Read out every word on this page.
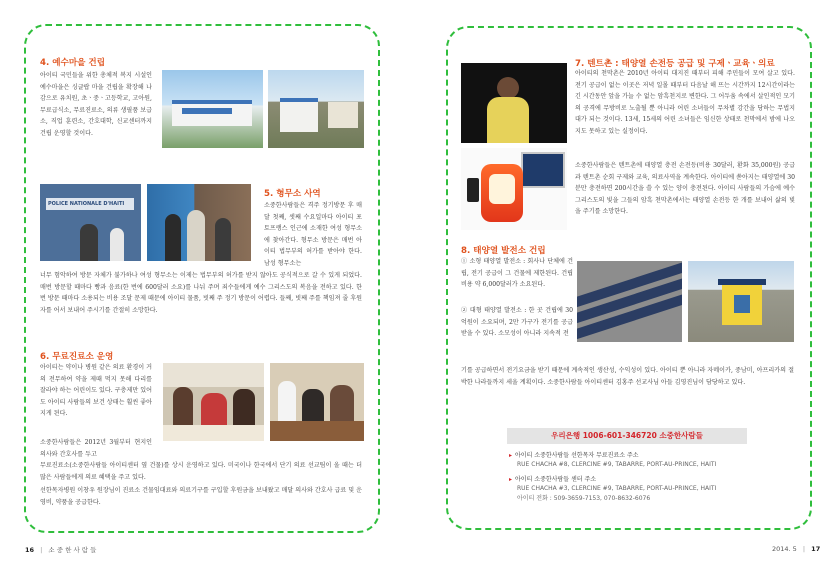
4. 예수마을 건립

아이티 국민들을 위한 총체적 복지 시설인 예수마을은 싱글랍 마을 건립을 확장해 나감으로 유치원, 초ㆍ중ㆍ고등학교, 고아원, 무료급식소, 무료진료소, 의류 생필품 보급소, 직업 훈련소, 간호대학, 신교센터까지 건립 운영할 것이다.

POLICE NATIONALE D'HAITI
5. 형무소 사역

소중한사람들은 격주 정기방문 후 매달 첫째, 셋째 수요일마다 아이티 포토프랭스 인근에 소재한 여성 형무소에 찾아간다. 형무소 방문은 매번 아이티 법무부의 허가를 받아야 한다. 남성 형무소는

너무 험악하여 방문 자체가 불가하나 여성 형무소는 이제는 법무부의 허가를 받지 않아도 공식적으로 갈 수 있게 되었다. 매번 방문할 때마다 빵과 음료(한 번에 600달러 소요)를 나눠 주며 죄수들에게 예수 그리스도의 복음을 전하고 있다. 한 번 방문 때마다 소용되는 비용 조달 문제 때문에 아이티 물품, 빗째 주 정기 방문이 어렵다. 들째, 빗째 주를 책임져 줄 후원자를 어서 보내어 주시기를 간절히 소망한다.

6. 무료진료소 운영

아이티는 약이나 병원 같은 의료 환경이 거의 전무하여 약을 제때 먹지 못해 다리를 잘라야 하는 어린이도 있다. 구충제만 있어도 아이티 사람들의 보건 상태는 훨씬 좋아지게 된다.

소중한사람들은 2012년 3월부터 현지인 의사와 간호사를 두고

무료진료소(소중한사람들 아이티센터 옆 건물)를 상시 운영하고 있다. 미국이나 한국에서 단기 의료 선교팀이 올 때는 더 많은 사람들에게 의료 혜택을 주고 있다.

선한목자병원 이창우 원장님이 진료소 건물임대료와 의료기구를 구입할 후원금을 보내왔고 매달 의사와 간호사 급료 및 운영비, 약품을 공급한다.

16 | 소 중 한 사 람 들
7. 텐트촌 : 태양열 손전등 공급 및 구제ㆍ교육ㆍ의료

아이티의 천막촌은 2010년 아이티 대지진 때부터 피해 주민들이 모여 살고 있다. 전기 공급이 없는 이곳은 저녁 일몰 때부터 다음날 해 뜨는 시간까지 12시간이라는 긴 시간동안 앞을 가늘 수 없는 암흑천지로 변한다. 그 어두움 속에서 살인적인 모기의 공격에 무방비로 노출될 뿐 아니라 어린 소녀들이 무차별 강간을 당하는 무법지대가 되는 것이다. 13세, 15세의 어린 소녀들은 임신한 상태로 천막에서 밤에 나오지도 못하고 있는 실정이다.

소중한사람들은 텐트촌에 태양열 충전 손전등(비용 30달러, 환화 35,000원) 공급과 텐트촌 순회 구제와 교육, 의료사역을 계속한다. 아이티에 쏟아지는 태양열에 30분만 충전하면 200시간을 쓸 수 있는 양이 충전된다. 아이티 사람들의 가슴에 예수 그리스도의 빛을 그들의 암흑 천막촌에서는 태양열 손전등 한 개를 보내어 삶의 빛을 주기를 소망한다.

8. 태양열 발전소 건립

① 소형 태양열 발전소 : 회사나 단체에 건립, 전기 공급이 그 건물에 제한된다. 건립비용 약 6,000달러가 소요된다.

② 대형 태양열 발전소 : 한 곳 건립에 30억원이 소요되며, 2만 가구가 전기를 공급받을 수 있다. 소모성이 아니라 지속적 전

기를 공급하면서 전기요금을 받기 때문에 계속적인 생산성, 수익성이 있다. 아이티 뿐 아니라 자메이카, 중남미, 아프리카의 절박한 나라들까지 세울 계획이다. 소중한사람들 아이티센터 김홍주 선교사님 아들 김영진님이 담당하고 있다.

우리은행 1006-601-346720 소중한사람들
▸ 아이티 소중한사람들 선한목자 무료진료소 주소
RUE CHACHA #8, CLERCINE #9, TABARRE, PORT-AU-PRINCE, HAITI
▸ 아이티 소중한사람들 센터 주소
RUE CHACHA #3, CLERCINE #9, TABARRE, PORT-AU-PRINCE, HAITI
아이티 전화 : 509-3659-7153, 070-8632-6076
2014. 5 | 17
